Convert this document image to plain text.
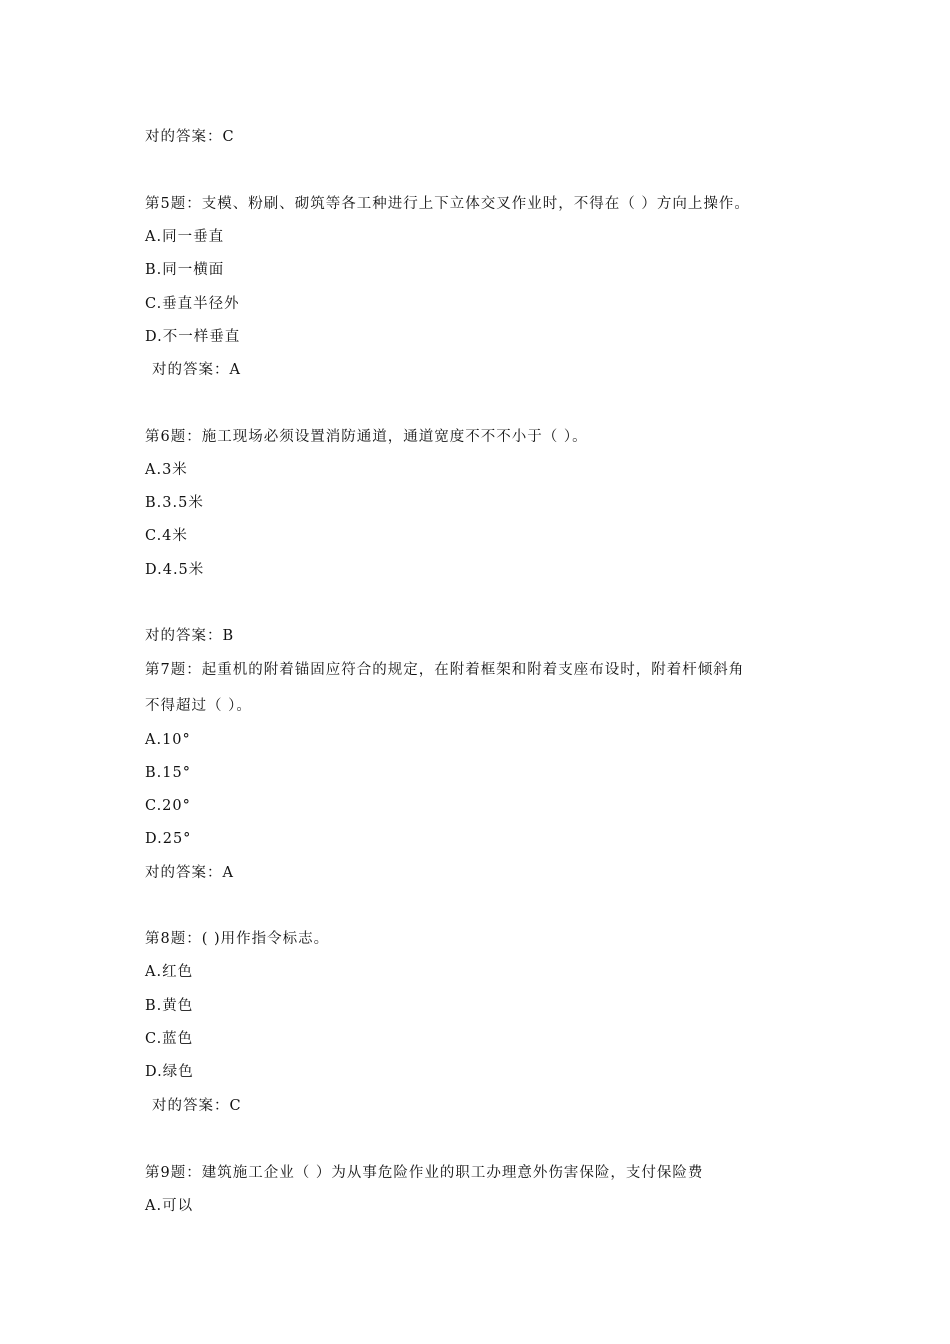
对的答案：C
第5题：支模、粉刷、砌筑等各工种进行上下立体交叉作业时，不得在（ ）方向上操作。
A.同一垂直
B.同一横面
C.垂直半径外
D.不一样垂直
对的答案：A
第6题：施工现场必须设置消防通道，通道宽度不不不小于（ ）。
A.3米
B.3.5米
C.4米
D.4.5米
对的答案：B
第7题：起重机的附着锚固应符合的规定，在附着框架和附着支座布设时，附着杆倾斜角
不得超过（ ）。
A.10°
B.15°
C.20°
D.25°
对的答案：A
第8题：( )用作指令标志。
A.红色
B.黄色
C.蓝色
D.绿色
对的答案：C
第9题：建筑施工企业（ ）为从事危险作业的职工办理意外伤害保险，支付保险费
A.可以
